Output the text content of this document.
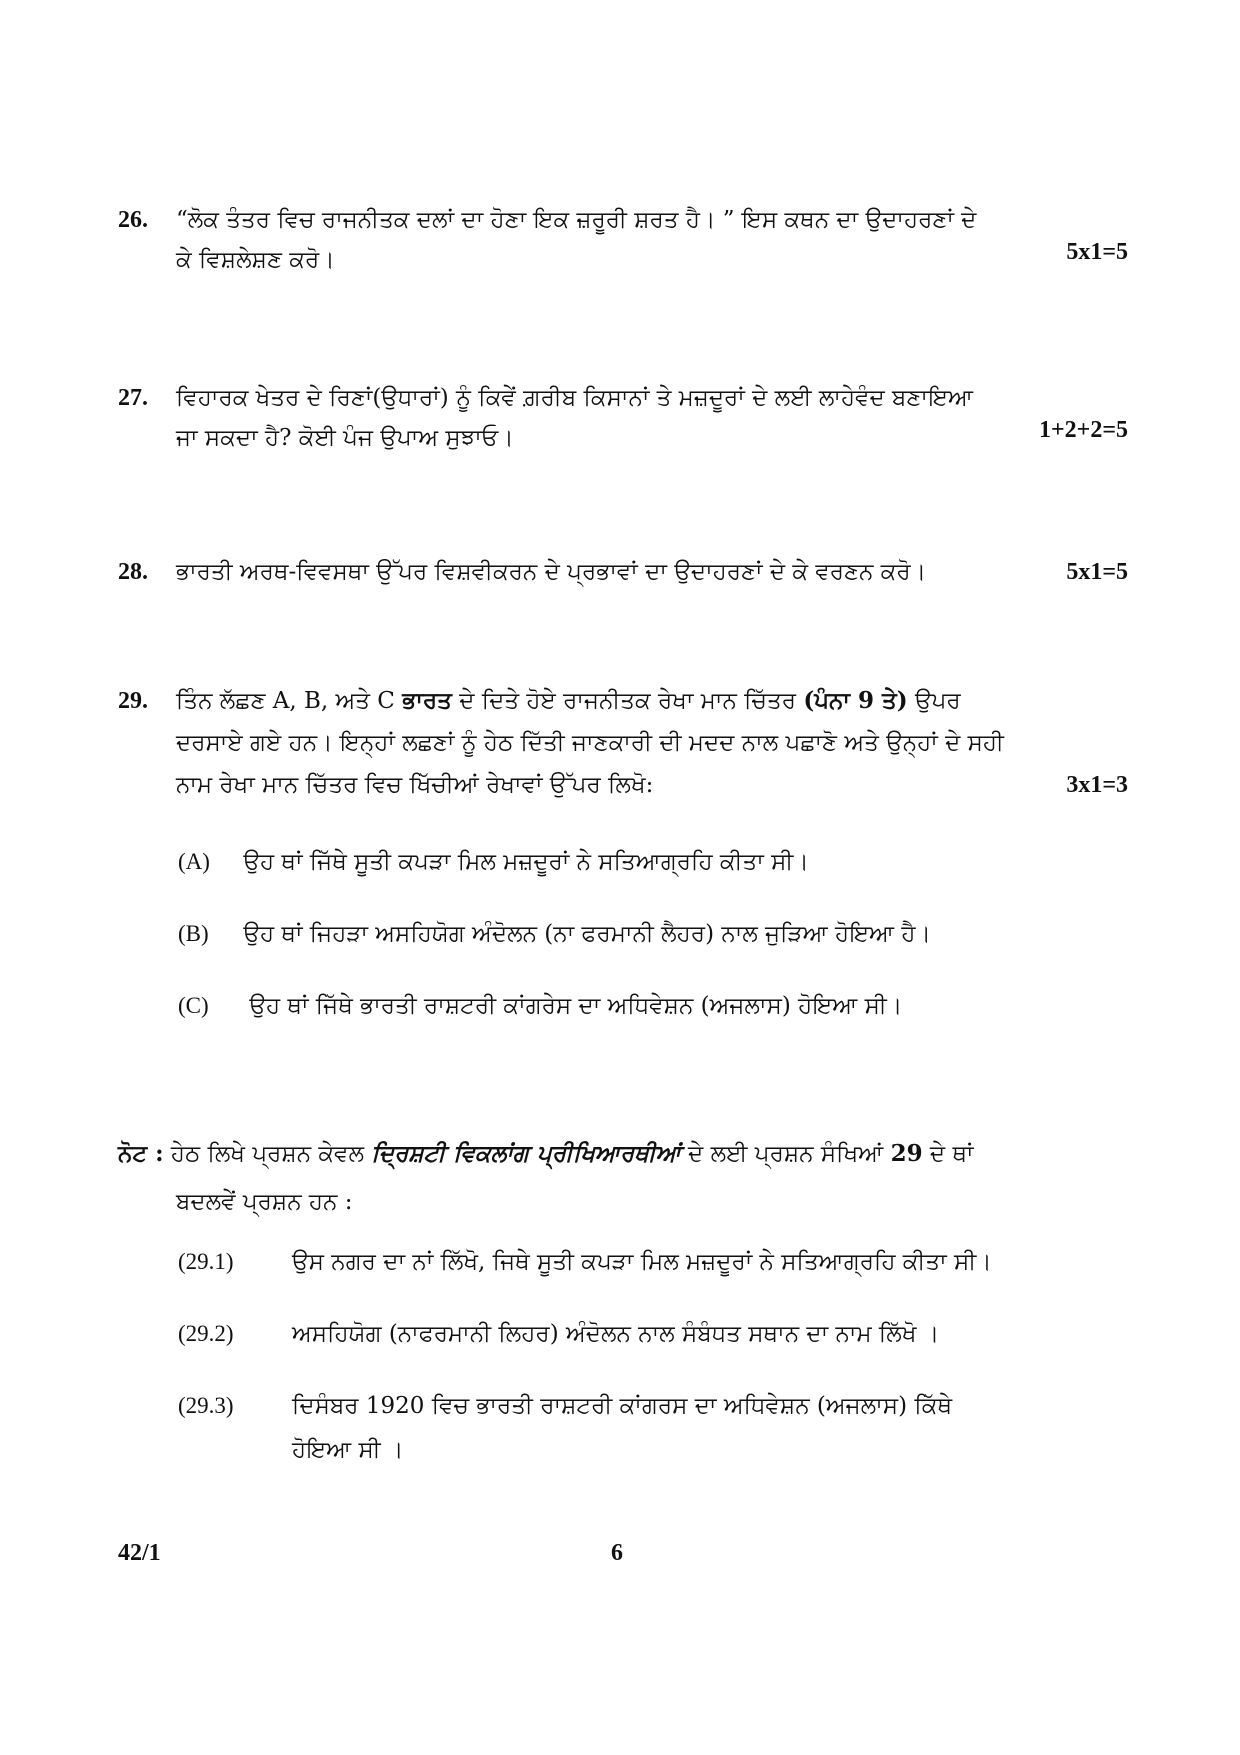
26. “ਲੋਕ ਤੰਤਰ ਵਿਚ ਰਾਜਨੀਤਕ ਦਲਾਂ ਦਾ ਹੋਣਾ ਇਕ ਜ਼ਰੂਰੀ ਸ਼ਰਤ ਹੈ। ” ਇਸ ਕਥਨ ਦਾ ਉਦਾਹਰਣਾਂ ਦੇ
ਕੇ ਵਿਸ਼ਲੇਸ਼ਣ ਕਰੋ।	5x1=5
27. ਵਿਹਾਰਕ ਖੇਤਰ ਦੇ ਰਿਣਾਂ(ਉਧਾਰਾਂ) ਨੂੰ ਕਿਵੇਂ ਗ਼ਰੀਬ ਕਿਸਾਨਾਂ ਤੇ ਮਜ਼ਦੂਰਾਂ ਦੇ ਲਈ ਲਾਹੇਵੰਦ ਬਣਾਇਆ
ਜਾ ਸਕਦਾ ਹੈ? ਕੋਈ ਪੰਜ ਉਪਾਅ ਸੁਝਾਓ।	1+2+2=5
28. ਭਾਰਤੀ ਅਰਥ-ਵਿਵਸਥਾ ਉੱਪਰ ਵਿਸ਼ਵੀਕਰਨ ਦੇ ਪ੍ਰਭਾਵਾਂ ਦਾ ਉਦਾਹਰਣਾਂ ਦੇ ਕੇ ਵਰਣਨ ਕਰੋ।	5x1=5
29. ਤਿੰਨ ਲੱਛਣ A, B, ਅਤੇ C ਭਾਰਤ ਦੇ ਦਿਤੇ ਹੋਏ ਰਾਜਨੀਤਕ ਰੇਖਾ ਮਾਨ ਚਿੱਤਰ (ਪੰਨਾ 9 ਤੇ) ਉਪਰ
ਦਰਸਾਏ ਗਏ ਹਨ। ਇਨ੍ਹਾਂ ਲਛਣਾਂ ਨੂੰ ਹੇਠ ਦਿੱਤੀ ਜਾਣਕਾਰੀ ਦੀ ਮਦਦ ਨਾਲ ਪਛਾਣੋ ਅਤੇ ਉਨ੍ਹਾਂ ਦੇ ਸਹੀ
ਨਾਮ ਰੇਖਾ ਮਾਨ ਚਿੱਤਰ ਵਿਚ ਖਿੱਚੀਆਂ ਰੇਖਾਵਾਂ ਉੱਪਰ ਲਿਖੋ:	3x1=3
(A) ਉਹ ਥਾਂ ਜਿੱਥੇ ਸੂਤੀ ਕਪੜਾ ਮਿਲ ਮਜ਼ਦੂਰਾਂ ਨੇ ਸਤਿਆਗ੍ਰਹਿ ਕੀਤਾ ਸੀ।
(B) ਉਹ ਥਾਂ ਜਿਹੜਾ ਅਸਹਿਯੋਗ ਅੰਦੋਲਨ (ਨਾ ਫਰਮਾਨੀ ਲੈਹਰ) ਨਾਲ ਜੁੜਿਆ ਹੋਇਆ ਹੈ।
(C) ਉਹ ਥਾਂ ਜਿੱਥੇ ਭਾਰਤੀ ਰਾਸ਼ਟਰੀ ਕਾਂਗਰੇਸ ਦਾ ਅਧਿਵੇਸ਼ਨ (ਅਜਲਾਸ) ਹੋਇਆ ਸੀ।
ਨੋਟ : ਹੇਠ ਲਿਖੇ ਪ੍ਰਸ਼ਨ ਕੇਵਲ ਦ੍ਰਿਸ਼ਟੀ ਵਿਕਲਾਂਗ ਪ੍ਰੀਖਿਆਰਥੀਆਂ ਦੇ ਲਈ ਪ੍ਰਸ਼ਨ ਸੰਖਿਆਂ 29 ਦੇ ਥਾਂ
ਬਦਲਵੇਂ ਪ੍ਰਸ਼ਨ ਹਨ :
(29.1)	ਉਸ ਨਗਰ ਦਾ ਨਾਂ ਲਿੱਖੋ, ਜਿਥੇ ਸੂਤੀ ਕਪੜਾ ਮਿਲ ਮਜ਼ਦੂਰਾਂ ਨੇ ਸਤਿਆਗ੍ਰਹਿ ਕੀਤਾ ਸੀ।
(29.2)	ਅਸਹਿਯੋਗ (ਨਾਫਰਮਾਨੀ ਲਿਹਰ) ਅੰਦੋਲਨ ਨਾਲ ਸੰਬੰਧਤ ਸਥਾਨ ਦਾ ਨਾਮ ਲਿੱਖੋ ।
(29.3)	ਦਿਸੰਬਰ 1920 ਵਿਚ ਭਾਰਤੀ ਰਾਸ਼ਟਰੀ ਕਾਂਗਰਸ ਦਾ ਅਧਿਵੇਸ਼ਨ (ਅਜਲਾਸ) ਕਿੱਥੇ
ਹੋਇਆ ਸੀ ।
42/1	6
